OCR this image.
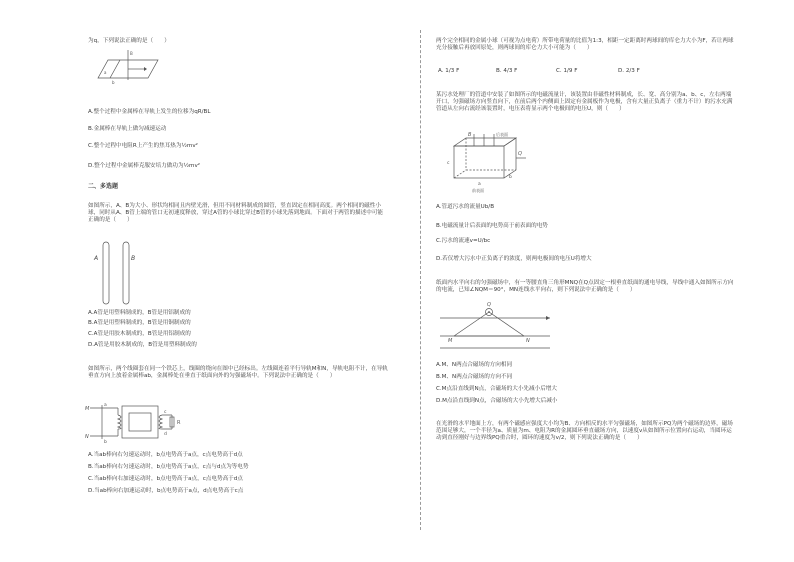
为q，下列说法正确的是（　　）
a
b
B
A.整个过程中金属棒在导轨上发生的位移为qR/BL
B.金属棒在导轨上做匀减速运动
C.整个过程中电阻R上产生的焦耳热为½mv²
D.整个过程中金属棒克服安培力做功为½mv²
二、多选题
如图所示，A、B为大小、形状均相同且内壁光滑，但用不同材料制成的圆管，竖直固定在相同高度。两个相同的磁性小球，同时从A、B管上端的管口无初速度释放，穿过A管的小球比穿过B管的小球先落到地面。下面对于两管的描述中可能正确的是（　　）
A	B
A.A管是用塑料制成的，B管是用铝制成的
B.A管是用塑料制成的，B管是用铜制成的
C.A管是用胶木制成的，B管是用铝制成的
D.A管是用胶木制成的，B管是用塑料制成的
如图所示，两个线圈套在同一个铁芯上，线圈的绕向在图中已经标出。左线圈连着平行导轨M和N，导轨电阻不计，在导轨垂直方向上放着金属棒ab，金属棒处在垂直于纸面向外的匀强磁场中。下列说法中正确的是（　　）
M
N
a
b
c
d
R
A.当ab棒向右匀速运动时，b点电势高于a点，c点电势高于d点
B.当ab棒向右匀速运动时，b点电势高于a点，c点与d点为等电势
C.当ab棒向右加速运动时，b点电势高于a点，c点电势高于d点
D.当ab棒向右加速运动时，b点电势高于a点，d点电势高于c点
两个完全相同的金属小球（可视为点电荷）所带电荷量的比值为1:3，相距一定距离时两球间的库仑力大小为F，若让两球充分接触后再放回原处，则两球间的库仑力大小可能为（　　）
A. 1/3 F	B. 4/3 F	C. 1/9 F	D. 2/3 F
某污水处理厂的管道中安装了如图所示的电磁流量计，该装置由非磁性材料制成，长、宽、高分别为a、b、c，左右两端开口，匀强磁场方向竖直向下，在前后两个内侧面上固定有金属板作为电极，含有大量正负离子（重力不计）的污水充满管道从左向右流经该装置时，电压表将显示两个电极间的电压U，则（　　）
B
Q
a
c
b
前表面
后表面
A.管道污水的流量Ub/B
B.电磁流量计后表面的电势高于前表面的电势
C.污水的流速v=U/bc
D.若仅增大污水中正负离子的浓度，则两电极间的电压U将增大
纸面内水平向右的匀强磁场中，有一等腰直角三角形MNQ在Q点固定一根垂直纸面的通电导线，导线中通入如图所示方向的电流，已知∠NQM＝90°，MN连线水平向右，则下列说法中正确的是（　　）
Q
M	N
A.M、N两点合磁场的方向相同
B.M、N两点合磁场的方向不同
C.M点沿直线到N点，合磁场的大小先减小后增大
D.M点沿直线到N点，合磁场的大小先增大后减小
在光滑的水平地面上方，有两个磁感应强度大小均为B、方向相反的水平匀强磁场，如图所示PQ为两个磁场的边界，磁场范围足够大，一个半径为a、质量为m、电阻为R的金属圆环垂直磁场方向，以速度v从如图所示位置向右运动，当圆环运动到直径刚好与边界线PQ重合时，圆环的速度为v/2，则下列说法正确的是（　　）
